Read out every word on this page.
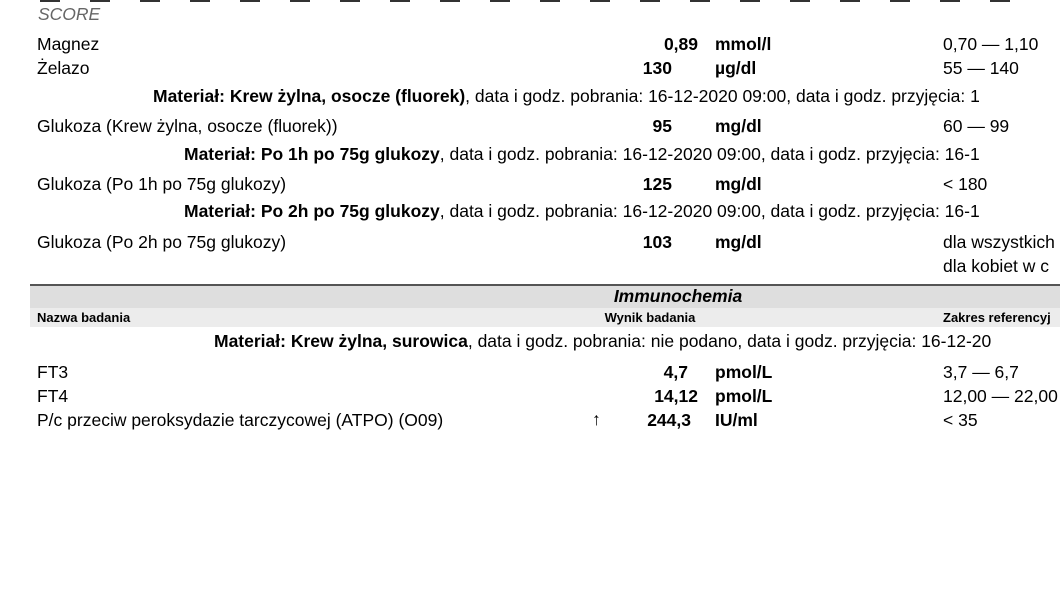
SCORE
Magnez	0,89 mmol/l	0,70 — 1,10
Żelazo	130 µg/dl	55 — 140
Materiał: Krew żylna, osocze (fluorek), data i godz. pobrania: 16-12-2020 09:00, data i godz. przyjęcia: 1
Glukoza (Krew żylna, osocze (fluorek))	95 mg/dl	60 — 99
Materiał: Po 1h po 75g glukozy, data i godz. pobrania: 16-12-2020 09:00, data i godz. przyjęcia: 16-1
Glukoza (Po 1h po 75g glukozy)	125 mg/dl	< 180
Materiał: Po 2h po 75g glukozy, data i godz. pobrania: 16-12-2020 09:00, data i godz. przyjęcia: 16-1
Glukoza (Po 2h po 75g glukozy)	103 mg/dl	dla wszystkich
dla kobiet w c
Immunochemia
Nazwa badania	Wynik badania	Zakres referencyj
Materiał: Krew żylna, surowica, data i godz. pobrania: nie podano, data i godz. przyjęcia: 16-12-20
FT3	4,7 pmol/L	3,7 — 6,7
FT4	14,12 pmol/L	12,00 — 22,00
P/c przeciw peroksydazie tarczycowej (ATPO) (O09)	↑	244,3 IU/ml	< 35
